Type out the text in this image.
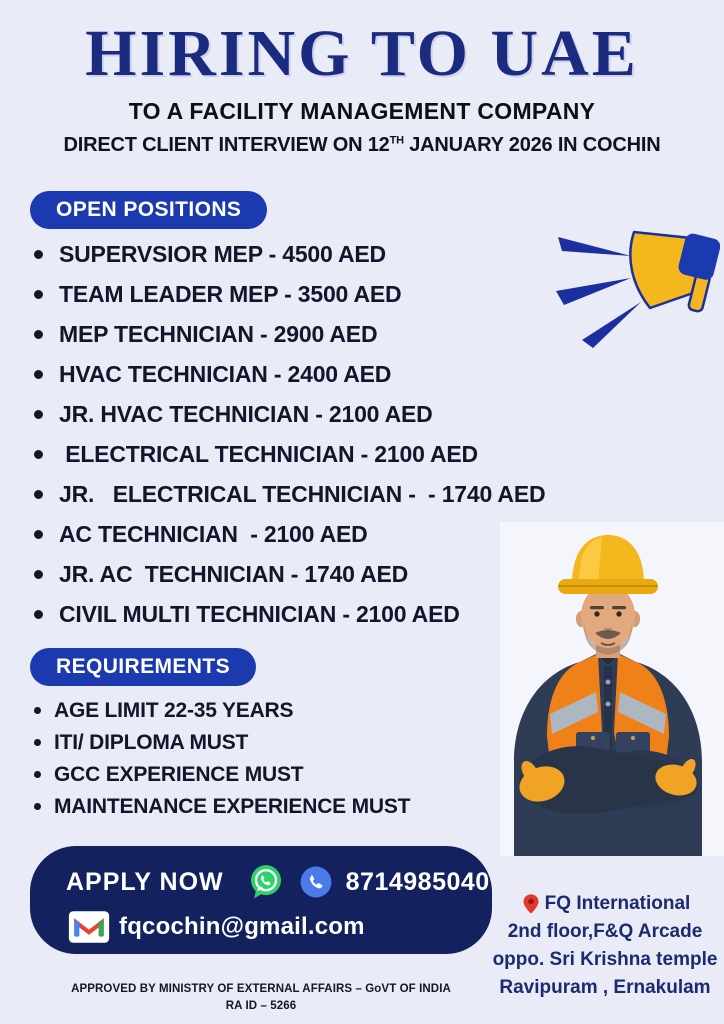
HIRING TO UAE
TO A FACILITY MANAGEMENT COMPANY
DIRECT CLIENT INTERVIEW ON 12TH JANUARY 2026 IN COCHIN
OPEN POSITIONS
SUPERVSIOR MEP - 4500 AED
TEAM LEADER MEP - 3500 AED
MEP TECHNICIAN - 2900 AED
HVAC TECHNICIAN - 2400 AED
JR. HVAC TECHNICIAN - 2100 AED
ELECTRICAL TECHNICIAN - 2100 AED
JR.   ELECTRICAL TECHNICIAN -  - 1740 AED
AC TECHNICIAN  - 2100 AED
JR. AC  TECHNICIAN - 1740 AED
CIVIL MULTI TECHNICIAN - 2100 AED
REQUIREMENTS
AGE LIMIT 22-35 YEARS
ITI/ DIPLOMA MUST
GCC EXPERIENCE MUST
MAINTENANCE EXPERIENCE MUST
APPLY NOW	8714985040
fqcochin@gmail.com
FQ International
2nd floor,F&Q Arcade
oppo. Sri Krishna temple
Ravipuram , Ernakulam
APPROVED BY MINISTRY OF EXTERNAL AFFAIRS – GoVT OF INDIA
RA ID – 5266
